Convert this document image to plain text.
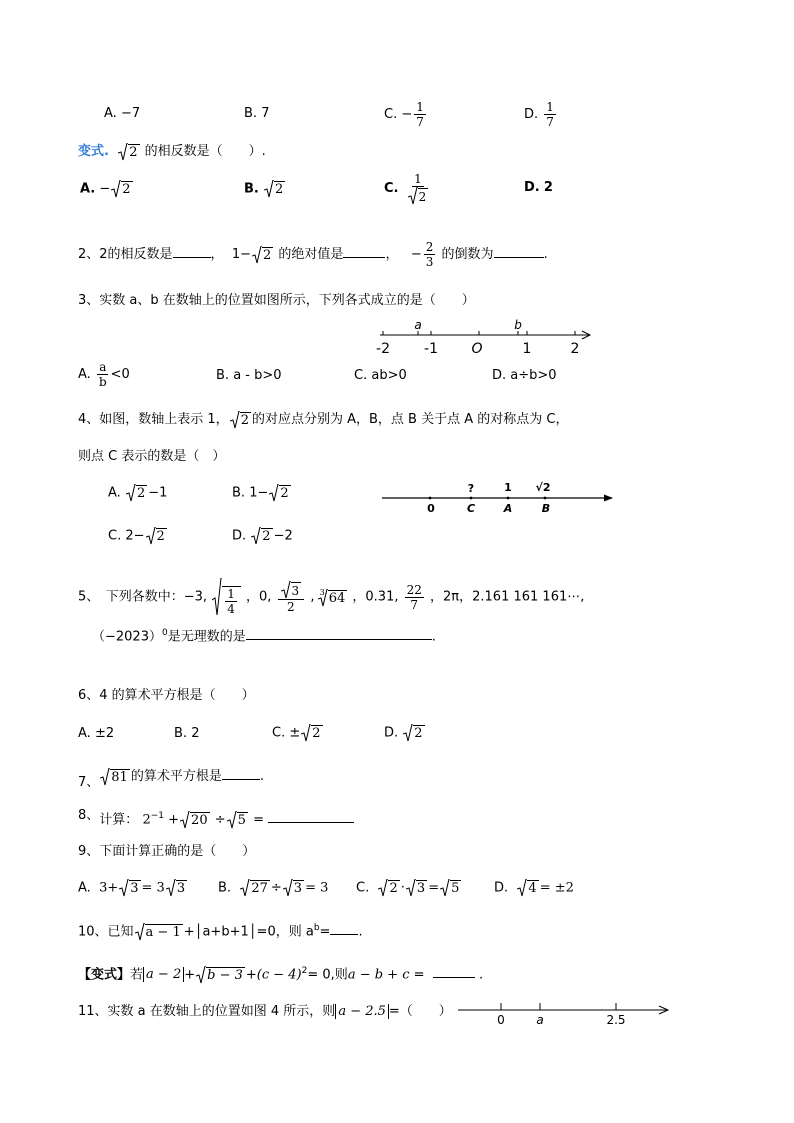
A. −7	B. 7	C. − $\frac{1}{7}$	D. $\frac{1}{7}$
变式. 2 的相反数是（　　）.
A. − 2	B. 2	C. $\frac{1}{2}$	D. 2
2、2的相反数是	， 1− 2 的绝对值是	， − $\frac{2}{3}$ 的倒数为	.
3、实数 a、b 在数轴上的位置如图所示，下列各式成立的是（　　）
a	b
-2 -1 O	1	2
A. $\frac{a}{b} <0$	B. a - b>0	C. ab>0	D. a÷b>0
4、如图，数轴上表示 1， 2 的对应点分别为 A，B，点 B 关于点 A 的对称点为 C，
则点 C 表示的数是（　）
A. 2 −1	B. 1− 2
C. 2− 2	D. 2 −2
?	1 √2
0	C	A	B
5、　下列各数中：−3, $\frac{1}{4}$ ，0, $\frac{3}{2}$ , $^3$ 64 ，0.31, $\frac{22}{7}$ ，2π，2.161 161 161⋯,
$(-2023)^0$是无理数的是	.
6、4 的算术平方根是（　　）
A. ±2	B. 2	C. ± 2	D. 2
7、 81 的算术平方根是	.
8、计算： $2^{-1} + 20 \div 5$ =
9、下面计算正确的是（　　）
A. 3+ 3 = 3 3	B. 27 ÷ 3 = 3 C. 2 · 3 = 5	D. 4 = ±2
10、已知 a − 1 +│a+b+1│=0，则 $a^b=$ .
【变式】若 $a - 2 + b - 3 +(c - 4)^2= 0$,则a − b + c =	.
11、实数 a 在数轴上的位置如图 4 所示，则 a − 2.5 =（　　）
0	a	2.5
